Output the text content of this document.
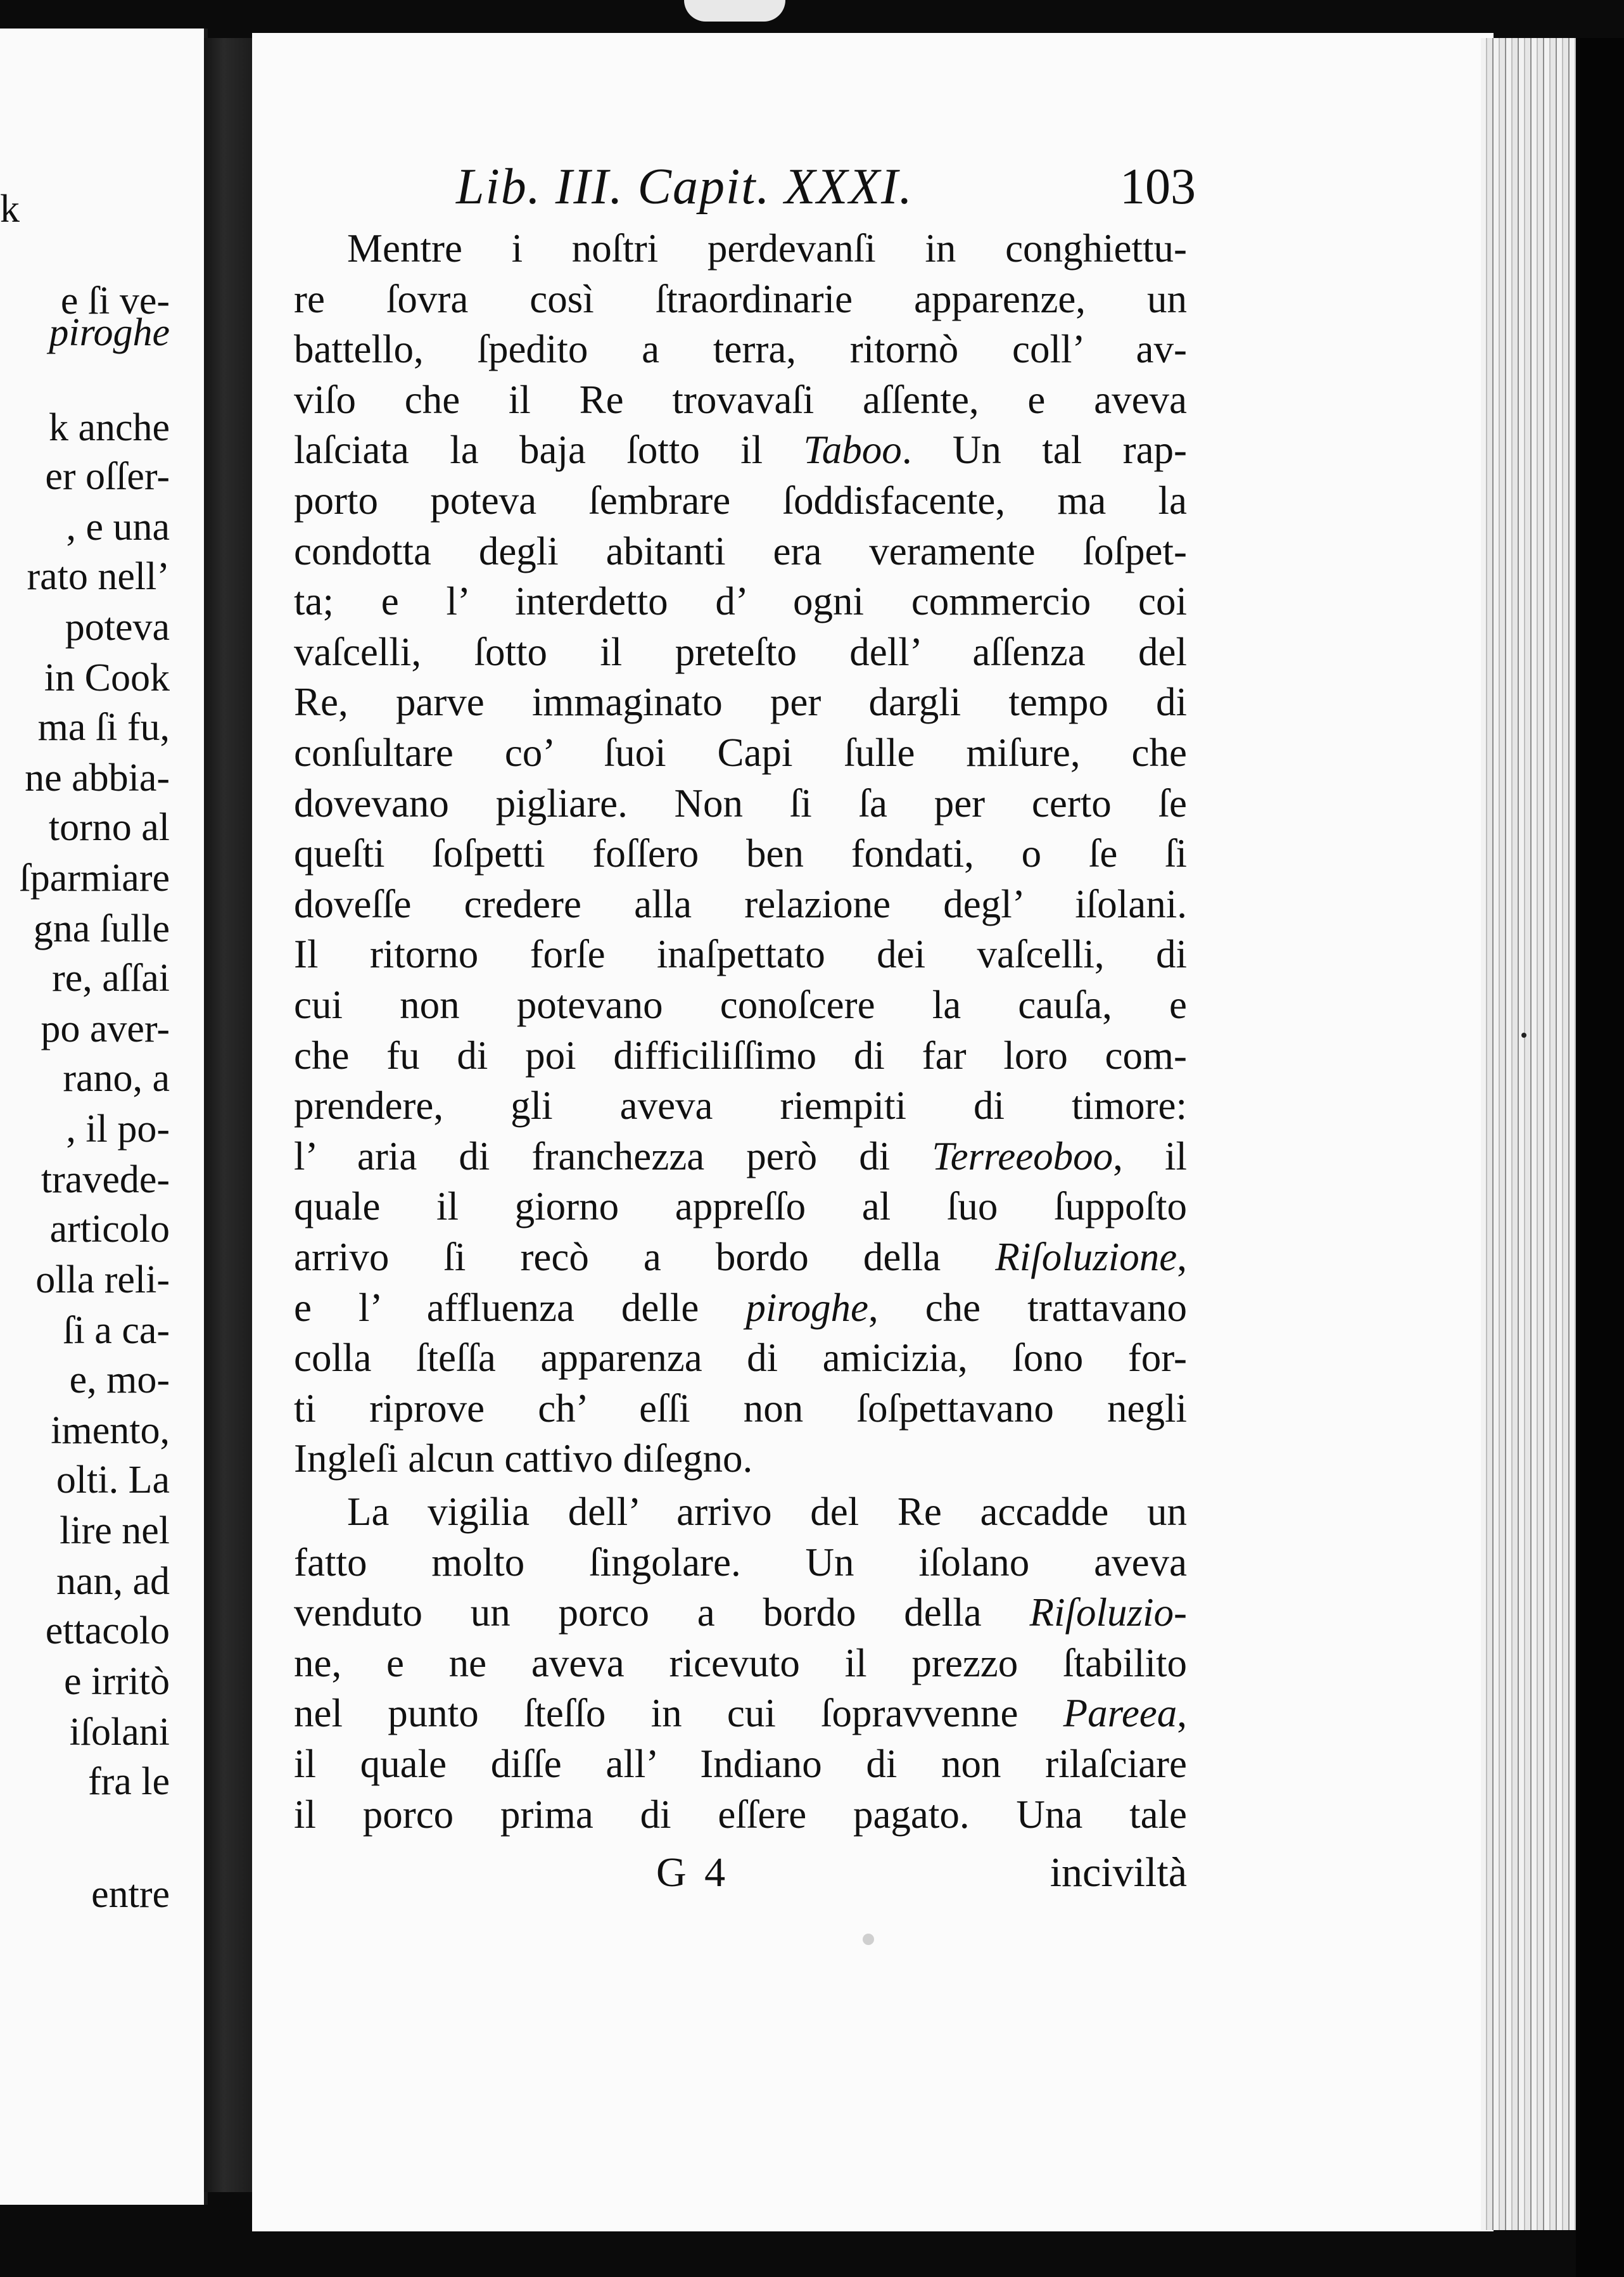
k
e ſi ve-
piroghe
k anche
er oſſer-
, e una
rato nell’
poteva
in Cook
ma ſi fu,
ne abbia-
torno al
ſparmiare
gna ſulle
re, aſſai
po aver-
rano, a
, il po-
travede-
articolo
olla reli-
ſi a ca-
e, mo-
imento,
olti. La
lire nel
nan, ad
ettacolo
e irritò
iſolani
fra le
entre
Lib. III. Capit. XXXI.	103
Mentre i noſtri perdevanſi in conghiettu-
re ſovra così ſtraordinarie apparenze, un
battello, ſpedito a terra, ritornò coll’ av-
viſo che il Re trovavaſi aſſente, e aveva
laſciata la baja ſotto il Taboo. Un tal rap-
porto poteva ſembrare ſoddisfacente, ma la
condotta degli abitanti era veramente ſoſpet-
ta; e l’ interdetto d’ ogni commercio coi
vaſcelli, ſotto il preteſto dell’ aſſenza del
Re, parve immaginato per dargli tempo di
conſultare co’ ſuoi Capi ſulle miſure, che
dovevano pigliare. Non ſi ſa per certo ſe
queſti ſoſpetti foſſero ben fondati, o ſe ſi
doveſſe credere alla relazione degl’ iſolani.
Il ritorno forſe inaſpettato dei vaſcelli, di
cui non potevano conoſcere la cauſa, e
che fu di poi difficiliſſimo di far loro com-
prendere, gli aveva riempiti di timore:
l’ aria di franchezza però di Terreeoboo, il
quale il giorno appreſſo al ſuo ſuppoſto
arrivo ſi recò a bordo della Riſoluzione,
e l’ affluenza delle piroghe, che trattavano
colla ſteſſa apparenza di amicizia, ſono for-
ti riprove ch’ eſſi non ſoſpettavano negli
Ingleſi alcun cattivo diſegno.
La vigilia dell’ arrivo del Re accadde un
fatto molto ſingolare. Un iſolano aveva
venduto un porco a bordo della Riſoluzio-
ne, e ne aveva ricevuto il prezzo ſtabilito
nel punto ſteſſo in cui ſopravvenne Pareea,
il quale diſſe all’ Indiano di non rilaſciare
il porco prima di eſſere pagato. Una tale
G 4	inciviltà
